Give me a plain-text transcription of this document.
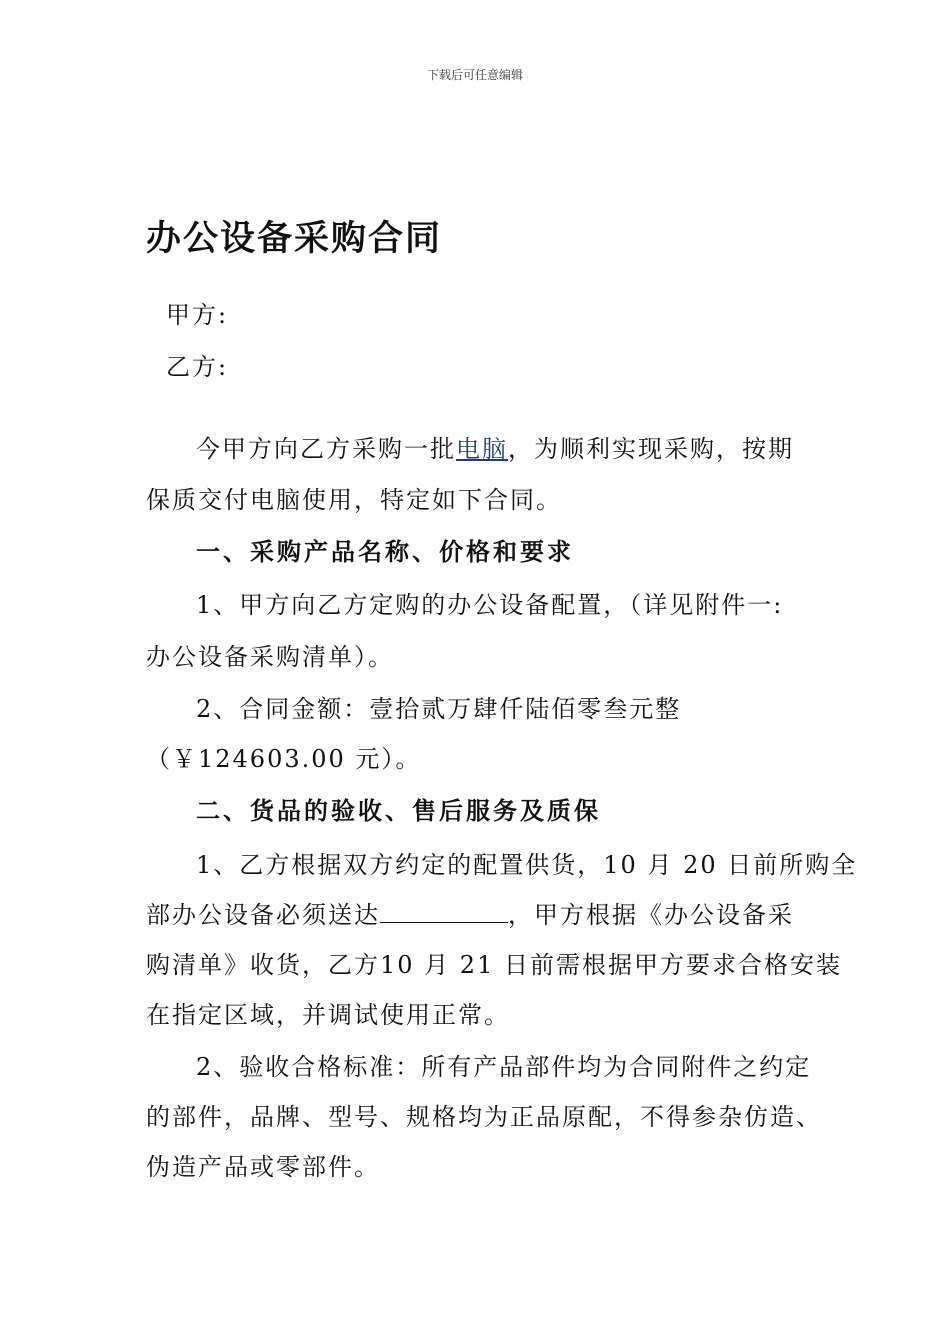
下载后可任意编辑
办公设备采购合同
甲方:
乙方:
今甲方向乙方采购一批电脑，为顺利实现采购，按期
保质交付电脑使用，特定如下合同。
一、采购产品名称、价格和要求
1、甲方向乙方定购的办公设备配置，（详见附件一:
办公设备采购清单）。
2、合同金额：壹拾贰万肆仟陆佰零叁元整
（￥124603.00 元）。
二、货品的验收、售后服务及质保
1、乙方根据双方约定的配置供货，10 月 20 日前所购全
部办公设备必须送达	，甲方根据《办公设备采
购清单》收货，乙方10 月 21 日前需根据甲方要求合格安装
在指定区域，并调试使用正常。
2、验收合格标准：所有产品部件均为合同附件之约定
的部件，品牌、型号、规格均为正品原配，不得参杂仿造、
伪造产品或零部件。
